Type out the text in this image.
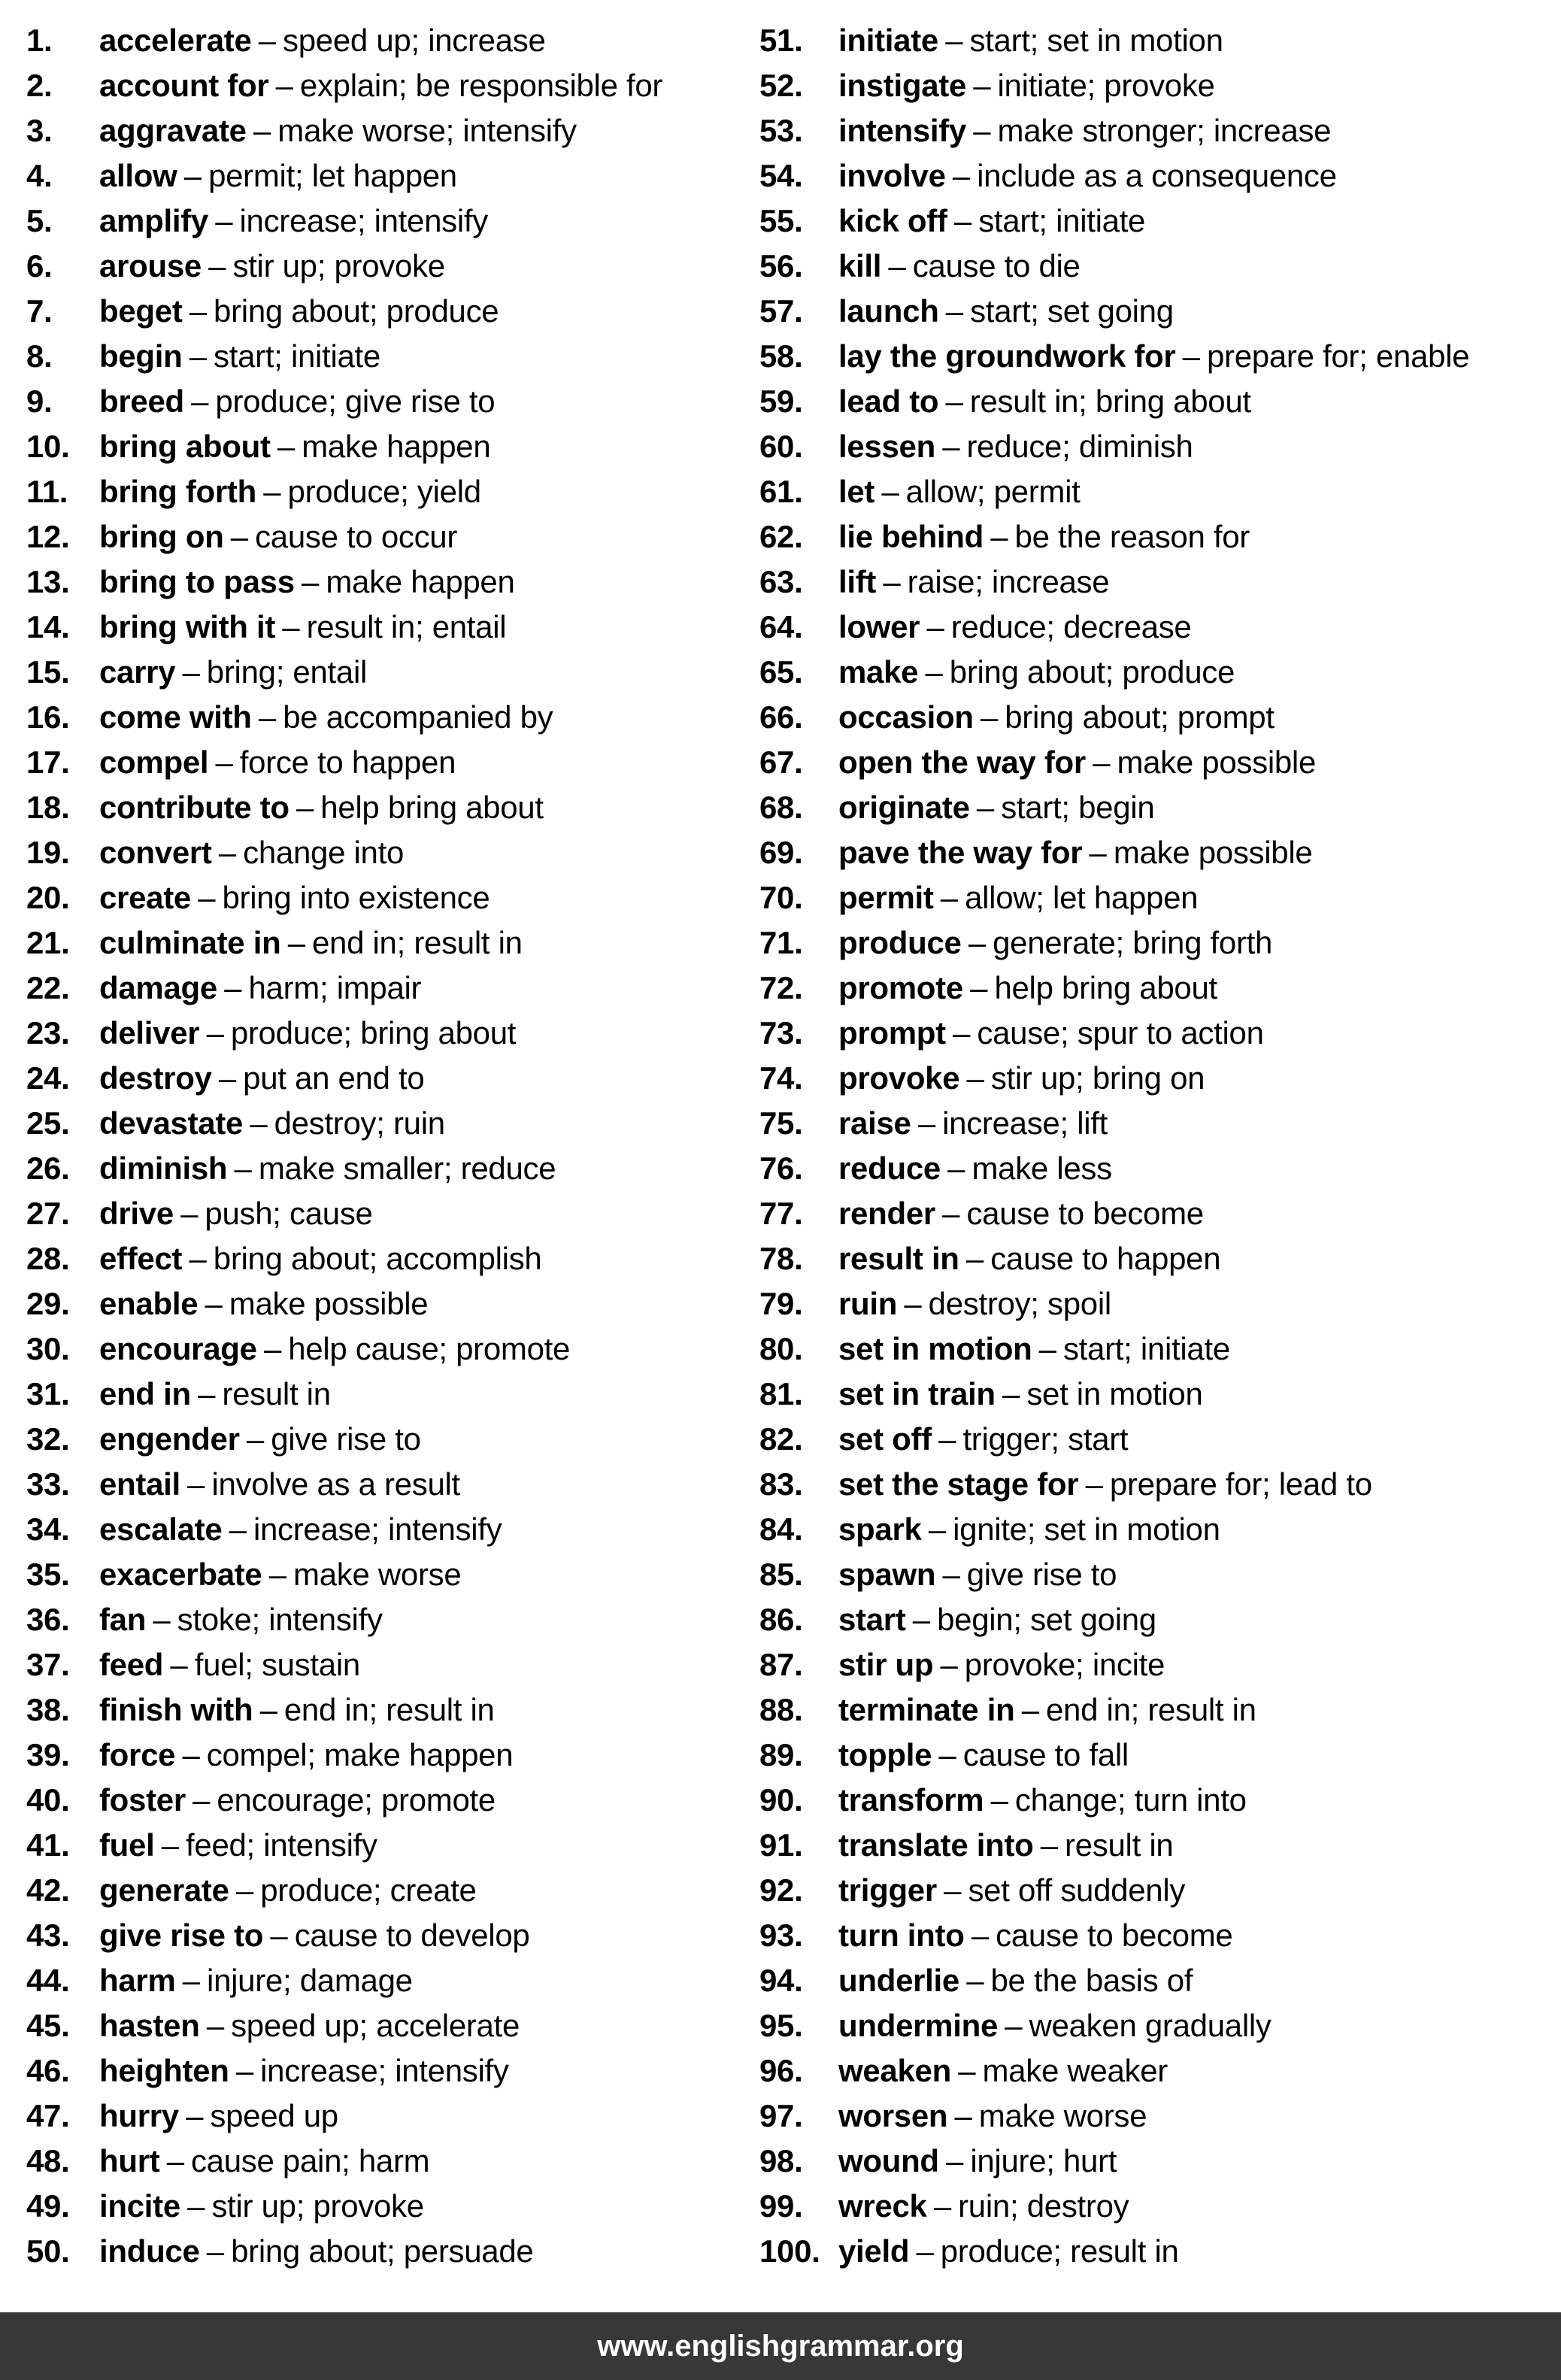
1.	accelerate – speed up; increase
2.	account for – explain; be responsible for
3.	aggravate – make worse; intensify
4.	allow – permit; let happen
5.	amplify – increase; intensify
6.	arouse – stir up; provoke
7.	beget – bring about; produce
8.	begin – start; initiate
9.	breed – produce; give rise to
10. bring about – make happen
11. bring forth – produce; yield
12. bring on – cause to occur
13. bring to pass – make happen
14. bring with it – result in; entail
15. carry – bring; entail
16. come with – be accompanied by
17. compel – force to happen
18. contribute to – help bring about
19. convert – change into
20. create – bring into existence
21. culminate in – end in; result in
22. damage – harm; impair
23. deliver – produce; bring about
24. destroy – put an end to
25. devastate – destroy; ruin
26. diminish – make smaller; reduce
27. drive – push; cause
28. effect – bring about; accomplish
29. enable – make possible
30. encourage – help cause; promote
31. end in – result in
32. engender – give rise to
33. entail – involve as a result
34. escalate – increase; intensify
35. exacerbate – make worse
36. fan – stoke; intensify
37. feed – fuel; sustain
38. finish with – end in; result in
39. force – compel; make happen
40. foster – encourage; promote
41. fuel – feed; intensify
42. generate – produce; create
43. give rise to – cause to develop
44. harm – injure; damage
45. hasten – speed up; accelerate
46. heighten – increase; intensify
47. hurry – speed up
48. hurt – cause pain; harm
49. incite – stir up; provoke
50. induce – bring about; persuade
51.	initiate – start; set in motion
52.	instigate – initiate; provoke
53.	intensify – make stronger; increase
54.	involve – include as a consequence
55.	kick off – start; initiate
56.	kill – cause to die
57.	launch – start; set going
58.	lay the groundwork for – prepare for; enable
59.	lead to – result in; bring about
60.	lessen – reduce; diminish
61.	let – allow; permit
62.	lie behind – be the reason for
63.	lift – raise; increase
64.	lower – reduce; decrease
65.	make – bring about; produce
66.	occasion – bring about; prompt
67.	open the way for – make possible
68.	originate – start; begin
69.	pave the way for – make possible
70.	permit – allow; let happen
71.	produce – generate; bring forth
72.	promote – help bring about
73.	prompt – cause; spur to action
74.	provoke – stir up; bring on
75.	raise – increase; lift
76.	reduce – make less
77.	render – cause to become
78.	result in – cause to happen
79.	ruin – destroy; spoil
80.	set in motion – start; initiate
81.	set in train – set in motion
82.	set off – trigger; start
83.	set the stage for – prepare for; lead to
84.	spark – ignite; set in motion
85.	spawn – give rise to
86.	start – begin; set going
87.	stir up – provoke; incite
88.	terminate in – end in; result in
89.	topple – cause to fall
90.	transform – change; turn into
91.	translate into – result in
92.	trigger – set off suddenly
93.	turn into – cause to become
94.	underlie – be the basis of
95.	undermine – weaken gradually
96.	weaken – make weaker
97.	worsen – make worse
98.	wound – injure; hurt
99.	wreck – ruin; destroy
100. yield – produce; result in
www.englishgrammar.org
